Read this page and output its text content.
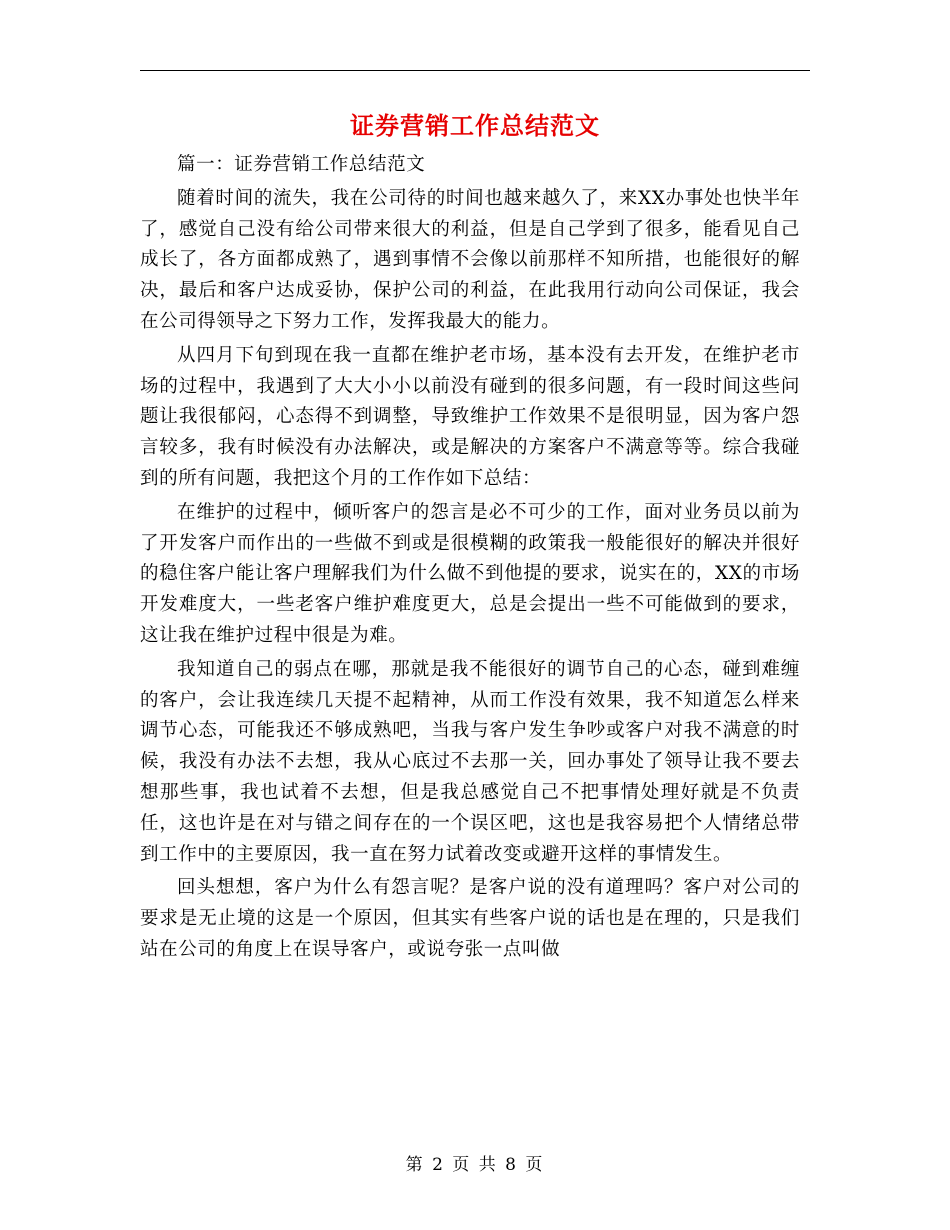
证券营销工作总结范文

篇一：证券营销工作总结范文

随着时间的流失，我在公司待的时间也越来越久了，来XX办事处也快半年了，感觉自己没有给公司带来很大的利益，但是自己学到了很多，能看见自己成长了，各方面都成熟了，遇到事情不会像以前那样不知所措，也能很好的解决，最后和客户达成妥协，保护公司的利益，在此我用行动向公司保证，我会在公司得领导之下努力工作，发挥我最大的能力。

从四月下旬到现在我一直都在维护老市场，基本没有去开发，在维护老市场的过程中，我遇到了大大小小以前没有碰到的很多问题，有一段时间这些问题让我很郁闷，心态得不到调整，导致维护工作效果不是很明显，因为客户怨言较多，我有时候没有办法解决，或是解决的方案客户不满意等等。综合我碰到的所有问题，我把这个月的工作作如下总结：

在维护的过程中，倾听客户的怨言是必不可少的工作，面对业务员以前为了开发客户而作出的一些做不到或是很模糊的政策我一般能很好的解决并很好的稳住客户能让客户理解我们为什么做不到他提的要求，说实在的，XX的市场开发难度大，一些老客户维护难度更大，总是会提出一些不可能做到的要求，这让我在维护过程中很是为难。

我知道自己的弱点在哪，那就是我不能很好的调节自己的心态，碰到难缠的客户，会让我连续几天提不起精神，从而工作没有效果，我不知道怎么样来调节心态，可能我还不够成熟吧，当我与客户发生争吵或客户对我不满意的时候，我没有办法不去想，我从心底过不去那一关，回办事处了领导让我不要去想那些事，我也试着不去想，但是我总感觉自己不把事情处理好就是不负责任，这也许是在对与错之间存在的一个误区吧，这也是我容易把个人情绪总带到工作中的主要原因，我一直在努力试着改变或避开这样的事情发生。

回头想想，客户为什么有怨言呢？是客户说的没有道理吗？客户对公司的要求是无止境的这是一个原因，但其实有些客户说的话也是在理的，只是我们站在公司的角度上在误导客户，或说夸张一点叫做

第 2 页 共 8 页
